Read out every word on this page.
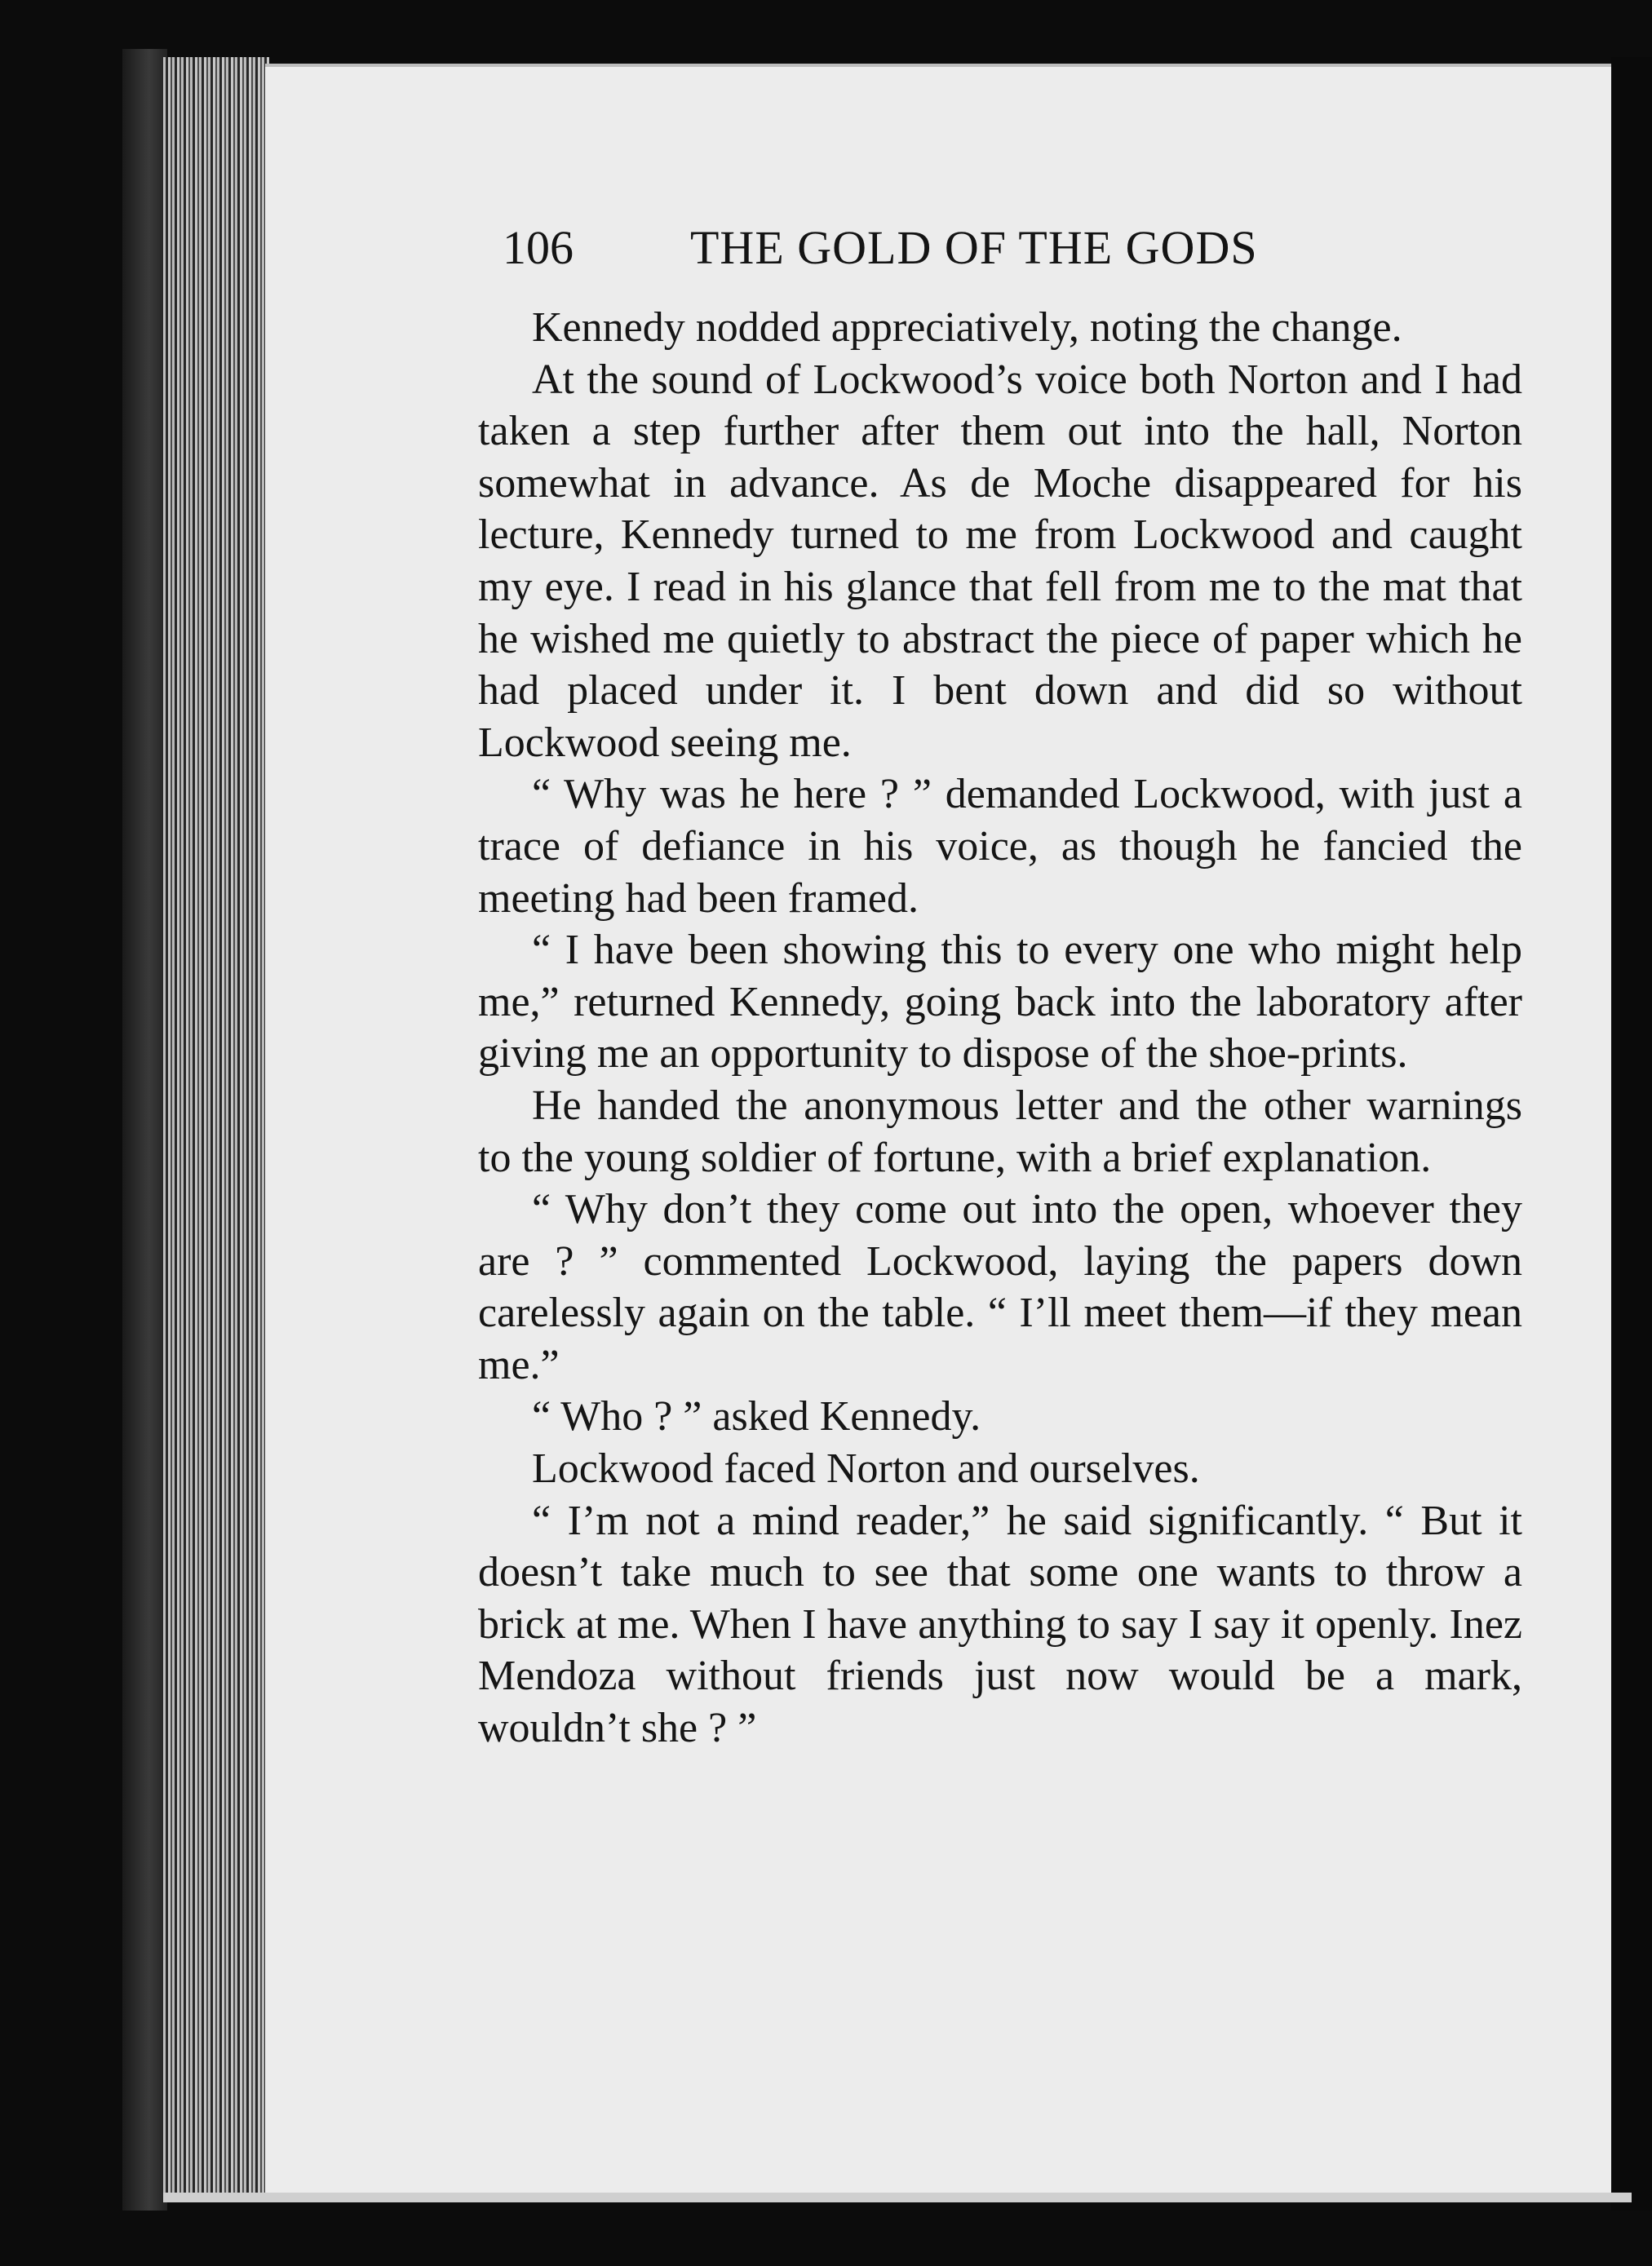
106 THE GOLD OF THE GODS

Kennedy nodded appreciatively, noting the change.

At the sound of Lockwood’s voice both Norton and I had taken a step further after them out into the hall, Norton somewhat in advance. As de Moche disappeared for his lecture, Kennedy turned to me from Lockwood and caught my eye. I read in his glance that fell from me to the mat that he wished me quietly to abstract the piece of paper which he had placed under it. I bent down and did so without Lockwood seeing me.

“ Why was he here ? ” demanded Lockwood, with just a trace of defiance in his voice, as though he fancied the meeting had been framed.

“ I have been showing this to every one who might help me,” returned Kennedy, going back into the laboratory after giving me an opportunity to dispose of the shoe-prints.

He handed the anonymous letter and the other warnings to the young soldier of fortune, with a brief explanation.

“ Why don’t they come out into the open, whoever they are ? ” commented Lockwood, laying the papers down carelessly again on the table. “ I’ll meet them—if they mean me.”

“ Who ? ” asked Kennedy.

Lockwood faced Norton and ourselves.

“ I’m not a mind reader,” he said significantly. “ But it doesn’t take much to see that some one wants to throw a brick at me. When I have anything to say I say it openly. Inez Mendoza without friends just now would be a mark, wouldn’t she ? ”
